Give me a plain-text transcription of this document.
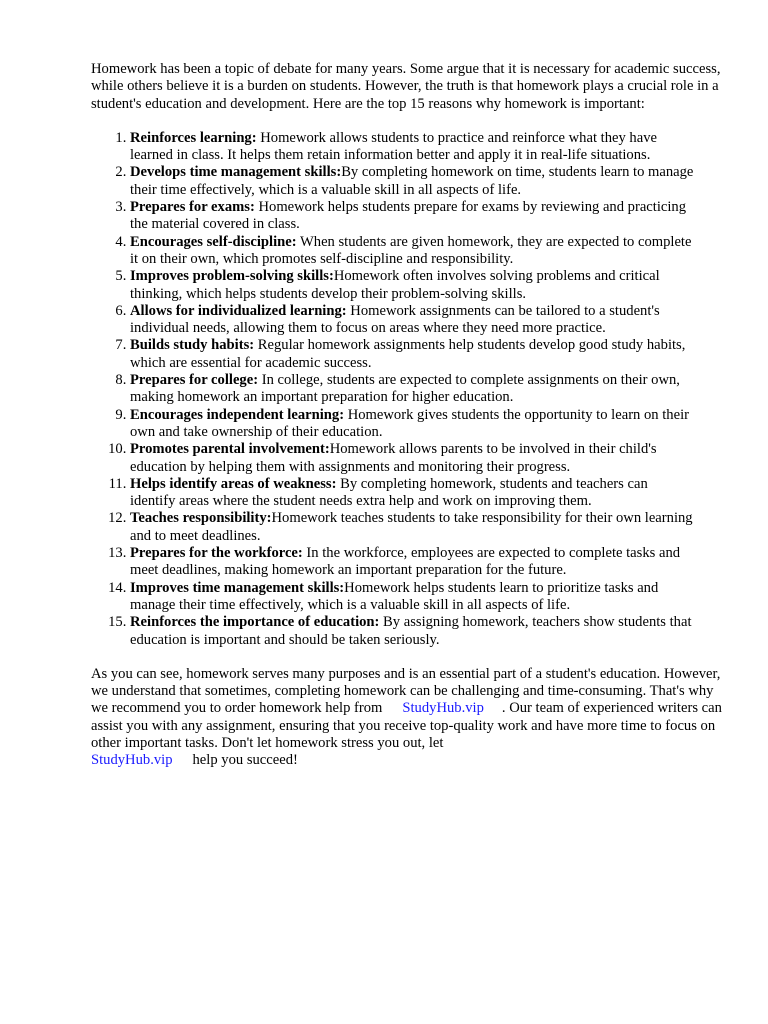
Homework has been a topic of debate for many years. Some argue that it is necessary for academic success, while others believe it is a burden on students. However, the truth is that homework plays a crucial role in a student's education and development. Here are the top 15 reasons why homework is important:

1. Reinforces learning: Homework allows students to practice and reinforce what they have learned in class. It helps them retain information better and apply it in real-life situations.
2. Develops time management skills:By completing homework on time, students learn to manage their time effectively, which is a valuable skill in all aspects of life.
3. Prepares for exams: Homework helps students prepare for exams by reviewing and practicing the material covered in class.
4. Encourages self-discipline: When students are given homework, they are expected to complete it on their own, which promotes self-discipline and responsibility.
5. Improves problem-solving skills:Homework often involves solving problems and critical thinking, which helps students develop their problem-solving skills.
6. Allows for individualized learning: Homework assignments can be tailored to a student's individual needs, allowing them to focus on areas where they need more practice.
7. Builds study habits: Regular homework assignments help students develop good study habits, which are essential for academic success.
8. Prepares for college: In college, students are expected to complete assignments on their own, making homework an important preparation for higher education.
9. Encourages independent learning: Homework gives students the opportunity to learn on their own and take ownership of their education.
10. Promotes parental involvement:Homework allows parents to be involved in their child's education by helping them with assignments and monitoring their progress.
11. Helps identify areas of weakness: By completing homework, students and teachers can identify areas where the student needs extra help and work on improving them.
12. Teaches responsibility:Homework teaches students to take responsibility for their own learning and to meet deadlines.
13. Prepares for the workforce: In the workforce, employees are expected to complete tasks and meet deadlines, making homework an important preparation for the future.
14. Improves time management skills:Homework helps students learn to prioritize tasks and manage their time effectively, which is a valuable skill in all aspects of life.
15. Reinforces the importance of education: By assigning homework, teachers show students that education is important and should be taken seriously.

As you can see, homework serves many purposes and is an essential part of a student's education. However, we understand that sometimes, completing homework can be challenging and time-consuming. That's why we recommend you to order homework help from StudyHub.vip . Our team of experienced writers can assist you with any assignment, ensuring that you receive top-quality work and have more time to focus on other important tasks. Don't let homework stress you out, let
StudyHub.vip help you succeed!
